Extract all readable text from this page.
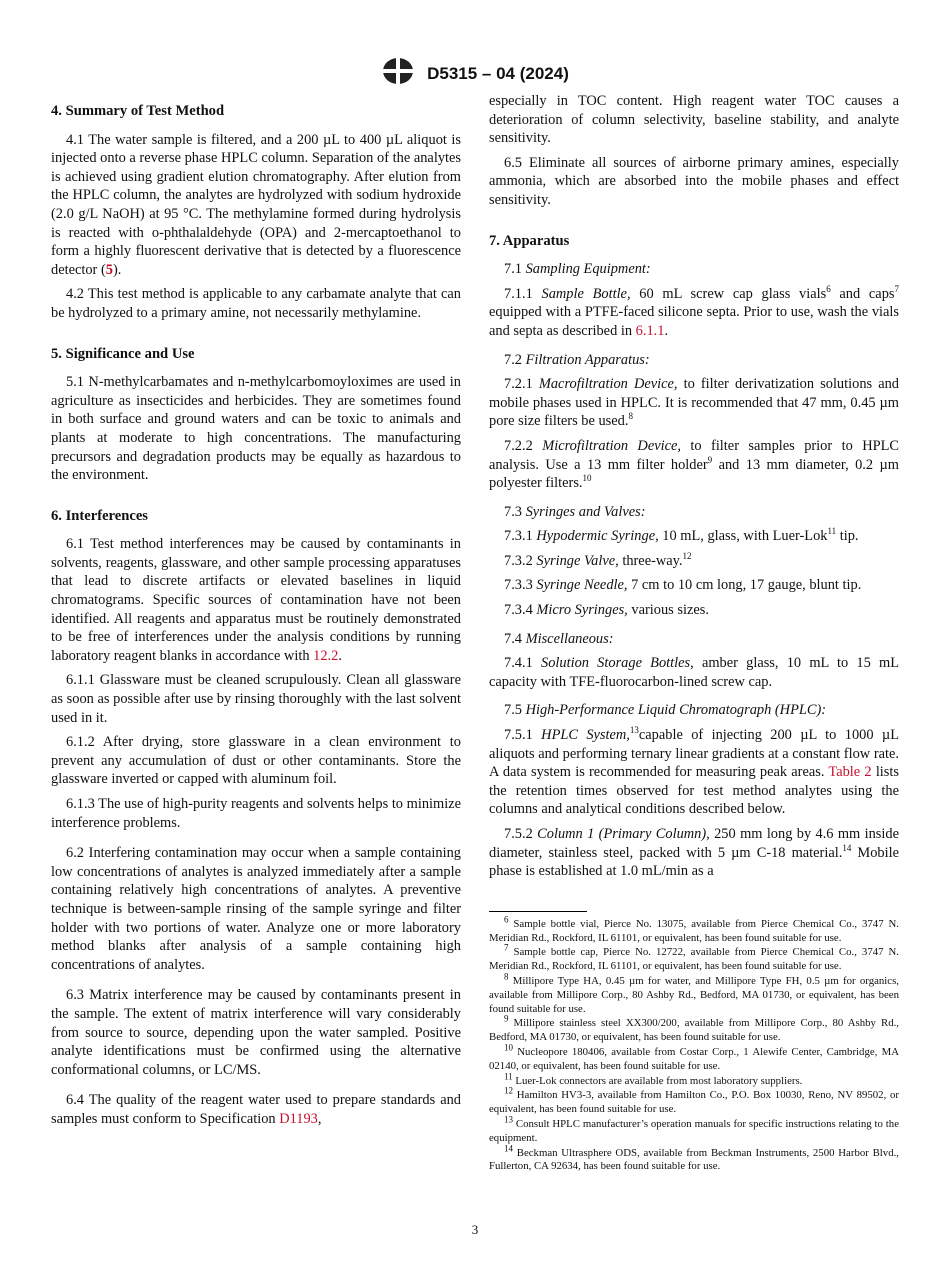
D5315 – 04 (2024)
4. Summary of Test Method

4.1 The water sample is filtered, and a 200 µL to 400 µL aliquot is injected onto a reverse phase HPLC column. Separation of the analytes is achieved using gradient elution chromatography. After elution from the HPLC column, the analytes are hydrolyzed with sodium hydroxide (2.0 g/L NaOH) at 95 °C. The methylamine formed during hydrolysis is reacted with o-phthalaldehyde (OPA) and 2-mercaptoethanol to form a highly fluorescent derivative that is detected by a fluorescence detector (5).

4.2 This test method is applicable to any carbamate analyte that can be hydrolyzed to a primary amine, not necessarily methylamine.

5. Significance and Use

5.1 N-methylcarbamates and n-methylcarbomoyloximes are used in agriculture as insecticides and herbicides. They are sometimes found in both surface and ground waters and can be toxic to animals and plants at moderate to high concentrations. The manufacturing precursors and degradation products may be equally as hazardous to the environment.

6. Interferences

6.1 Test method interferences may be caused by contaminants in solvents, reagents, glassware, and other sample processing apparatuses that lead to discrete artifacts or elevated baselines in liquid chromatograms. Specific sources of contamination have not been identified. All reagents and apparatus must be routinely demonstrated to be free of interferences under the analysis conditions by running laboratory reagent blanks in accordance with 12.2.

6.1.1 Glassware must be cleaned scrupulously. Clean all glassware as soon as possible after use by rinsing thoroughly with the last solvent used in it.

6.1.2 After drying, store glassware in a clean environment to prevent any accumulation of dust or other contaminants. Store the glassware inverted or capped with aluminum foil.

6.1.3 The use of high-purity reagents and solvents helps to minimize interference problems.

6.2 Interfering contamination may occur when a sample containing low concentrations of analytes is analyzed immediately after a sample containing relatively high concentrations of analytes. A preventive technique is between-sample rinsing of the sample syringe and filter holder with two portions of water. Analyze one or more laboratory method blanks after analysis of a sample containing high concentrations of analytes.

6.3 Matrix interference may be caused by contaminants present in the sample. The extent of matrix interference will vary considerably from source to source, depending upon the water sampled. Positive analyte identifications must be confirmed using the alternative conformational columns, or LC/MS.

6.4 The quality of the reagent water used to prepare standards and samples must conform to Specification D1193,

especially in TOC content. High reagent water TOC causes a deterioration of column selectivity, baseline stability, and analyte sensitivity.

6.5 Eliminate all sources of airborne primary amines, especially ammonia, which are absorbed into the mobile phases and effect sensitivity.

7. Apparatus

7.1 Sampling Equipment:

7.1.1 Sample Bottle, 60 mL screw cap glass vials$^6$ and caps$^7$ equipped with a PTFE-faced silicone septa. Prior to use, wash the vials and septa as described in 6.1.1.

7.2 Filtration Apparatus:

7.2.1 Macrofiltration Device, to filter derivatization solutions and mobile phases used in HPLC. It is recommended that 47 mm, 0.45 µm pore size filters be used.$^8$

7.2.2 Microfiltration Device, to filter samples prior to HPLC analysis. Use a 13 mm filter holder$^9$ and 13 mm diameter, 0.2 µm polyester filters.$^{10}$

7.3 Syringes and Valves:

7.3.1 Hypodermic Syringe, 10 mL, glass, with Luer-Lok$^{11}$ tip.

7.3.2 Syringe Valve, three-way.$^{12}$

7.3.3 Syringe Needle, 7 cm to 10 cm long, 17 gauge, blunt tip.

7.3.4 Micro Syringes, various sizes.

7.4 Miscellaneous:

7.4.1 Solution Storage Bottles, amber glass, 10 mL to 15 mL capacity with TFE-fluorocarbon-lined screw cap.

7.5 High-Performance Liquid Chromatograph (HPLC):

7.5.1 HPLC System,$^{13}$capable of injecting 200 µL to 1000 µL aliquots and performing ternary linear gradients at a constant flow rate. A data system is recommended for measuring peak areas. Table 2 lists the retention times observed for test method analytes using the columns and analytical conditions described below.

7.5.2 Column 1 (Primary Column), 250 mm long by 4.6 mm inside diameter, stainless steel, packed with 5 µm C-18 material.$^{14}$ Mobile phase is established at 1.0 mL/min as a

$^6$ Sample bottle vial, Pierce No. 13075, available from Pierce Chemical Co., 3747 N. Meridian Rd., Rockford, IL 61101, or equivalent, has been found suitable for use.

$^7$ Sample bottle cap, Pierce No. 12722, available from Pierce Chemical Co., 3747 N. Meridian Rd., Rockford, IL 61101, or equivalent, has been found suitable for use.

$^8$ Millipore Type HA, 0.45 µm for water, and Millipore Type FH, 0.5 µm for organics, available from Millipore Corp., 80 Ashby Rd., Bedford, MA 01730, or equivalent, has been found suitable for use.

$^9$ Millipore stainless steel XX300/200, available from Millipore Corp., 80 Ashby Rd., Bedford, MA 01730, or equivalent, has been found suitable for use.

$^{10}$ Nucleopore 180406, available from Costar Corp., 1 Alewife Center, Cambridge, MA 02140, or equivalent, has been found suitable for use.

$^{11}$ Luer-Lok connectors are available from most laboratory suppliers.

$^{12}$ Hamilton HV3-3, available from Hamilton Co., P.O. Box 10030, Reno, NV 89502, or equivalent, has been found suitable for use.

$^{13}$ Consult HPLC manufacturer’s operation manuals for specific instructions relating to the equipment.

$^{14}$ Beckman Ultrasphere ODS, available from Beckman Instruments, 2500 Harbor Blvd., Fullerton, CA 92634, has been found suitable for use.

3
